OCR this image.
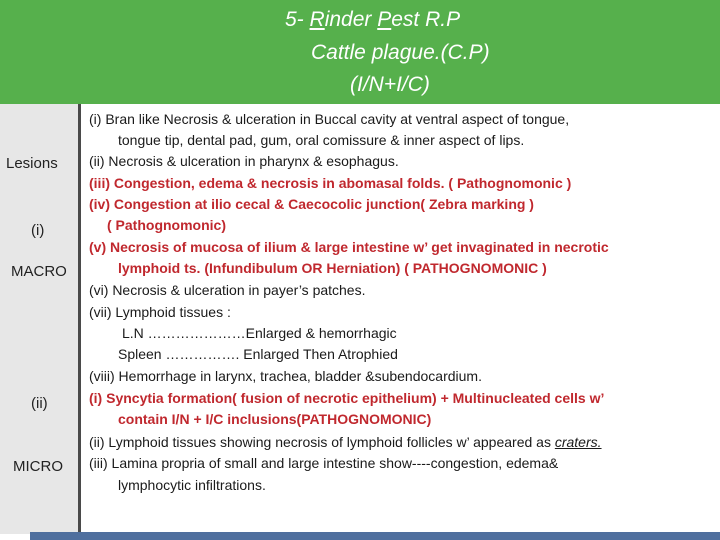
5- Rinder Pest R.P
Cattle plague.(C.P)
(I/N+I/C)
Lesions
(i)
MACRO
(ii)
MICRO
(i) Bran like Necrosis & ulceration in Buccal cavity at ventral aspect of tongue,
tongue tip, dental pad, gum, oral comissure & inner aspect of lips.
(ii) Necrosis & ulceration in pharynx & esophagus.
(iii) Congestion, edema & necrosis in abomasal folds. ( Pathognomonic )
(iv) Congestion at ilio cecal & Caecocolic junction( Zebra marking )
( Pathognomonic)
(v) Necrosis of mucosa of ilium & large intestine w’ get invaginated in necrotic
lymphoid ts. (Infundibulum OR Herniation) ( PATHOGNOMONIC )
(vi) Necrosis & ulceration in payer’s patches.
(vii) Lymphoid tissues :
L.N …………………Enlarged & hemorrhagic
Spleen ……………. Enlarged Then Atrophied
(viii) Hemorrhage in larynx, trachea, bladder &subendocardium.
(i) Syncytia formation( fusion of necrotic epithelium) + Multinucleated cells w’
contain I/N + I/C inclusions(PATHOGNOMONIC)
(ii) Lymphoid tissues showing necrosis of lymphoid follicles w’ appeared as craters.
(iii) Lamina propria of small and large intestine show----congestion, edema&
lymphocytic infiltrations.
